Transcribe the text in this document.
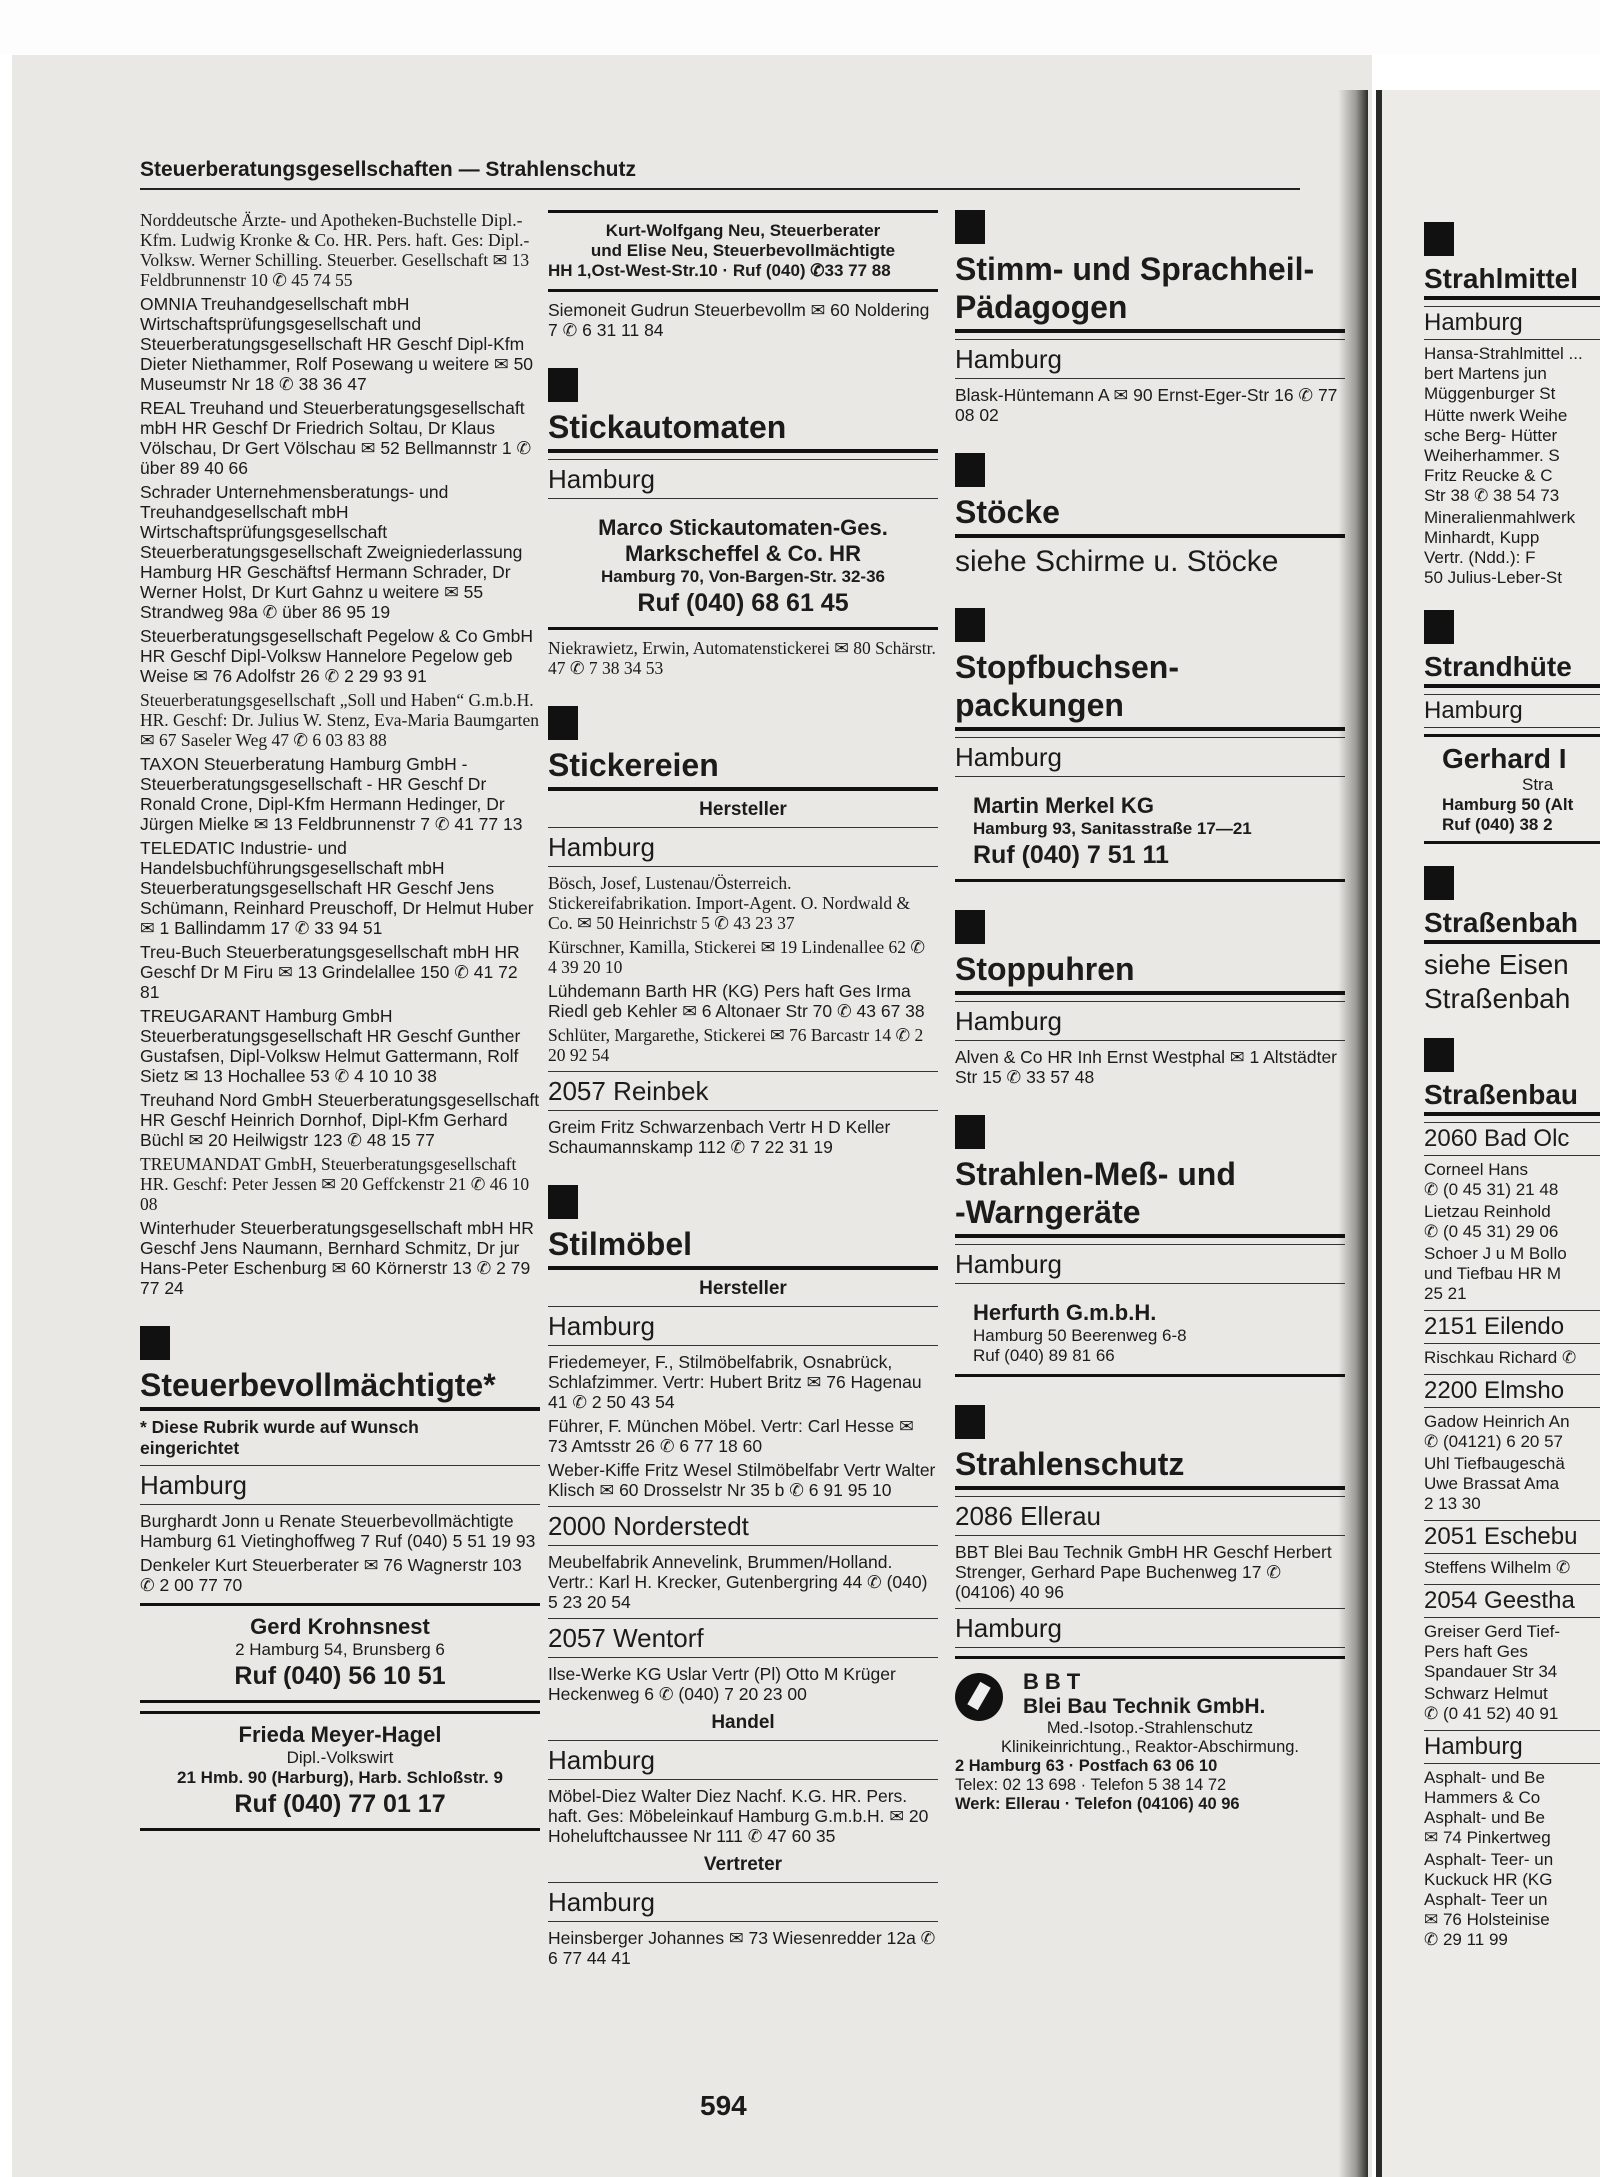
Steuerberatungsgesellschaften — Strahlenschutz
Norddeutsche Ärzte- und Apotheken-Buchstelle Dipl.-Kfm. Ludwig Kronke & Co. HR. Pers. haft. Ges: Dipl.-Volksw. Werner Schilling. Steuerber. Gesellschaft ✉ 13 Feldbrunnenstr 10 ✆ 45 74 55
OMNIA Treuhandgesellschaft mbH Wirtschaftsprüfungsgesellschaft und Steuerberatungsgesellschaft HR Geschf Dipl-Kfm Dieter Niethammer, Rolf Posewang u weitere ✉ 50 Museumstr Nr 18 ✆ 38 36 47
REAL Treuhand und Steuerberatungsgesellschaft mbH HR Geschf Dr Friedrich Soltau, Dr Klaus Völschau, Dr Gert Völschau ✉ 52 Bellmannstr 1 ✆ über 89 40 66
Schrader Unternehmensberatungs- und Treuhandgesellschaft mbH Wirtschaftsprüfungsgesellschaft Steuerberatungsgesellschaft Zweigniederlassung Hamburg HR Geschäftsf Hermann Schrader, Dr Werner Holst, Dr Kurt Gahnz u weitere ✉ 55 Strandweg 98a ✆ über 86 95 19
Steuerberatungsgesellschaft Pegelow & Co GmbH HR Geschf Dipl-Volksw Hannelore Pegelow geb Weise ✉ 76 Adolfstr 26 ✆ 2 29 93 91
Steuerberatungsgesellschaft „Soll und Haben“ G.m.b.H. HR. Geschf: Dr. Julius W. Stenz, Eva-Maria Baumgarten ✉ 67 Saseler Weg 47 ✆ 6 03 83 88
TAXON Steuerberatung Hamburg GmbH - Steuerberatungsgesellschaft - HR Geschf Dr Ronald Crone, Dipl-Kfm Hermann Hedinger, Dr Jürgen Mielke ✉ 13 Feldbrunnenstr 7 ✆ 41 77 13
TELEDATIC Industrie- und Handelsbuchführungsgesellschaft mbH Steuerberatungsgesellschaft HR Geschf Jens Schümann, Reinhard Preuschoff, Dr Helmut Huber ✉ 1 Ballindamm 17 ✆ 33 94 51
Treu-Buch Steuerberatungsgesellschaft mbH HR Geschf Dr M Firu ✉ 13 Grindelallee 150 ✆ 41 72 81
TREUGARANT Hamburg GmbH Steuerberatungsgesellschaft HR Geschf Gunther Gustafsen, Dipl-Volksw Helmut Gattermann, Rolf Sietz ✉ 13 Hochallee 53 ✆ 4 10 10 38
Treuhand Nord GmbH Steuerberatungsgesellschaft HR Geschf Heinrich Dornhof, Dipl-Kfm Gerhard Büchl ✉ 20 Heilwigstr 123 ✆ 48 15 77
TREUMANDAT GmbH, Steuerberatungsgesellschaft HR. Geschf: Peter Jessen ✉ 20 Geffckenstr 21 ✆ 46 10 08
Winterhuder Steuerberatungsgesellschaft mbH HR Geschf Jens Naumann, Bernhard Schmitz, Dr jur Hans-Peter Eschenburg ✉ 60 Körnerstr 13 ✆ 2 79 77 24
Steuerbevollmächtigte*
* Diese Rubrik wurde auf Wunsch
eingerichtet
Hamburg
Burghardt Jonn u Renate Steuerbevollmächtigte Hamburg 61 Vietinghoffweg 7 Ruf (040) 5 51 19 93
Denkeler Kurt Steuerberater ✉ 76 Wagnerstr 103 ✆ 2 00 77 70
Gerd Krohnsnest
2 Hamburg 54, Brunsberg 6
Ruf (040) 56 10 51
Frieda Meyer-Hagel
Dipl.-Volkswirt
21 Hmb. 90 (Harburg), Harb. Schloßstr. 9
Ruf (040) 77 01 17
Kurt-Wolfgang Neu, Steuerberater
und Elise Neu, Steuerbevollmächtigte
HH 1,Ost-West-Str.10 · Ruf (040) ✆33 77 88
Siemoneit Gudrun Steuerbevollm ✉ 60 Noldering 7 ✆ 6 31 11 84
Stickautomaten
Hamburg
Marco Stickautomaten-Ges.
Markscheffel & Co. HR
Hamburg 70, Von-Bargen-Str. 32-36
Ruf (040) 68 61 45
Niekrawietz, Erwin, Automatenstickerei ✉ 80 Schärstr. 47 ✆ 7 38 34 53
Stickereien
Hersteller
Hamburg
Bösch, Josef, Lustenau/Österreich. Stickereifabrikation. Import-Agent. O. Nordwald & Co. ✉ 50 Heinrichstr 5 ✆ 43 23 37
Kürschner, Kamilla, Stickerei ✉ 19 Lindenallee 62 ✆ 4 39 20 10
Lühdemann Barth HR (KG) Pers haft Ges Irma Riedl geb Kehler ✉ 6 Altonaer Str 70 ✆ 43 67 38
Schlüter, Margarethe, Stickerei ✉ 76 Barcastr 14 ✆ 2 20 92 54
2057 Reinbek
Greim Fritz Schwarzenbach Vertr H D Keller Schaumannskamp 112 ✆ 7 22 31 19
Stilmöbel
Hersteller
Hamburg
Friedemeyer, F., Stilmöbelfabrik, Osnabrück, Schlafzimmer. Vertr: Hubert Britz ✉ 76 Hagenau 41 ✆ 2 50 43 54
Führer, F. München Möbel. Vertr: Carl Hesse ✉ 73 Amtsstr 26 ✆ 6 77 18 60
Weber-Kiffe Fritz Wesel Stilmöbelfabr Vertr Walter Klisch ✉ 60 Drosselstr Nr 35 b ✆ 6 91 95 10
2000 Norderstedt
Meubelfabrik Annevelink, Brummen/Holland. Vertr.: Karl H. Krecker, Gutenbergring 44 ✆ (040) 5 23 20 54
2057 Wentorf
Ilse-Werke KG Uslar Vertr (Pl) Otto M Krüger Heckenweg 6 ✆ (040) 7 20 23 00
Handel
Hamburg
Möbel-Diez Walter Diez Nachf. K.G. HR. Pers. haft. Ges: Möbeleinkauf Hamburg G.m.b.H. ✉ 20 Hoheluftchaussee Nr 111 ✆ 47 60 35
Vertreter
Hamburg
Heinsberger Johannes ✉ 73 Wiesenredder 12a ✆ 6 77 44 41
Stimm- und Sprachheil-
Pädagogen
Hamburg
Blask-Hüntemann A ✉ 90 Ernst-Eger-Str 16 ✆ 77 08 02
Stöcke
siehe Schirme u. Stöcke
Stopfbuchsen-
packungen
Hamburg
Martin Merkel KG
Hamburg 93, Sanitasstraße 17—21
Ruf (040) 7 51 11
Stoppuhren
Hamburg
Alven & Co HR Inh Ernst Westphal ✉ 1 Altstädter Str 15 ✆ 33 57 48
Strahlen-Meß- und
-Warngeräte
Hamburg
Herfurth G.m.b.H.
Hamburg 50 Beerenweg 6-8
Ruf (040) 89 81 66
Strahlenschutz
2086 Ellerau
BBT Blei Bau Technik GmbH HR Geschf Herbert Strenger, Gerhard Pape Buchenweg 17 ✆ (04106) 40 96
Hamburg
BBT
Blei Bau Technik GmbH.
Med.-Isotop.-Strahlenschutz
Klinikeinrichtung., Reaktor-Abschirmung.
2 Hamburg 63 · Postfach 63 06 10
Telex: 02 13 698 · Telefon 5 38 14 72
Werk: Ellerau · Telefon (04106) 40 96
594
Strahlmittel
Hamburg
Hansa-Strahlmittel ...
bert Martens jun
Müggenburger St
Hütte nwerk Weihe
sche Berg- Hütter
Weiherhammer. S
Fritz Reucke & C
Str 38 ✆ 38 54 73
Mineralienmahlwerk
Minhardt, Kupp
Vertr. (Ndd.): F
50 Julius-Leber-St
Strandhüte
Hamburg
Gerhard I
Stra
Hamburg 50 (Alt
Ruf (040) 38 2
Straßenbah
siehe Eisen
Straßenbah
Straßenbau
2060 Bad Olc
Corneel Hans
✆ (0 45 31) 21 48
Lietzau Reinhold
✆ (0 45 31) 29 06
Schoer J u M Bollo
und Tiefbau HR M
25 21
2151 Eilendo
Rischkau Richard ✆
2200 Elmsho
Gadow Heinrich An
✆ (04121) 6 20 57
Uhl Tiefbaugeschä
Uwe Brassat Ama
2 13 30
2051 Eschebu
Steffens Wilhelm ✆
2054 Geestha
Greiser Gerd Tief-
Pers haft Ges
Spandauer Str 34
Schwarz Helmut
✆ (0 41 52) 40 91
Hamburg
Asphalt- und Be
Hammers & Co
Asphalt- und Be
✉ 74 Pinkertweg
Asphalt- Teer- un
Kuckuck HR (KG
Asphalt- Teer un
✉ 76 Holsteinise
✆ 29 11 99
